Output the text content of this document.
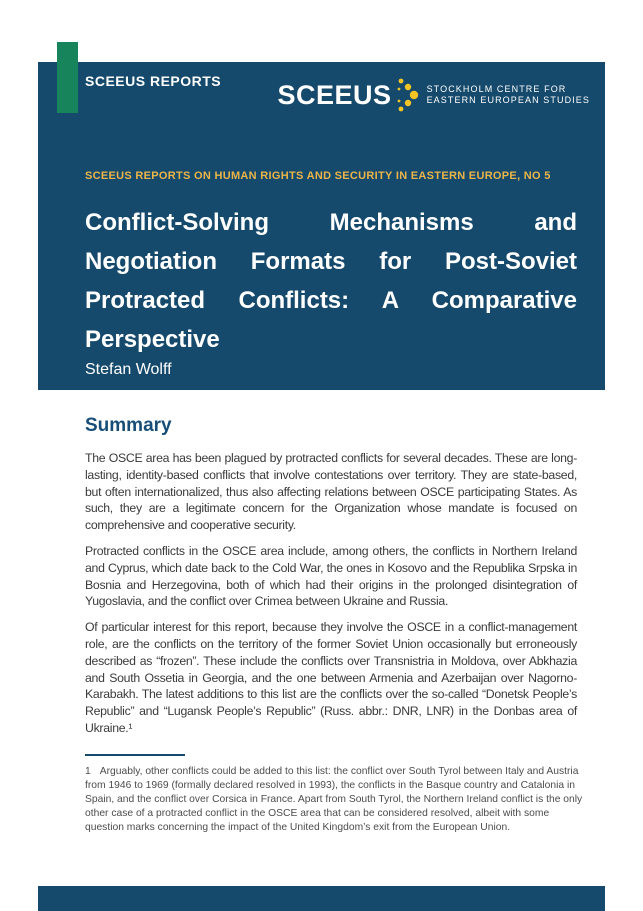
SCEEUS REPORTS SCEEUS	STOCKHOLM CENTRE FOR
EASTERN EUROPEAN STUDIES
SCEEUS REPORTS ON HUMAN RIGHTS AND SECURITY IN EASTERN EUROPE, NO 5
Conflict-Solving Mechanisms and
Negotiation Formats for Post-Soviet
Protracted Conflicts: A Comparative
Perspective
Stefan Wolff
Summary

The OSCE area has been plagued by protracted conflicts for several decades. These are long-lasting, identity-based conflicts that involve contestations over territory. They are state-based, but often internationalized, thus also affecting relations between OSCE participating States. As such, they are a legitimate concern for the Organization whose mandate is focused on comprehensive and cooperative security.

Protracted conflicts in the OSCE area include, among others, the conflicts in Northern Ireland and Cyprus, which date back to the Cold War, the ones in Kosovo and the Republika Srpska in Bosnia and Herzegovina, both of which had their origins in the prolonged disintegration of Yugoslavia, and the conflict over Crimea between Ukraine and Russia.

Of particular interest for this report, because they involve the OSCE in a conflict-management role, are the conflicts on the territory of the former Soviet Union occasionally but erroneously described as “frozen”. These include the conflicts over Transnistria in Moldova, over Abkhazia and South Ossetia in Georgia, and the one between Armenia and Azerbaijan over Nagorno-Karabakh. The latest additions to this list are the conflicts over the so-called “Donetsk People’s Republic” and “Lugansk People’s Republic” (Russ. abbr.: DNR, LNR) in the Donbas area of Ukraine.¹

1 Arguably, other conflicts could be added to this list: the conflict over South Tyrol between Italy and Austria from 1946 to 1969 (formally declared resolved in 1993), the conflicts in the Basque country and Catalonia in Spain, and the conflict over Corsica in France. Apart from South Tyrol, the Northern Ireland conflict is the only other case of a protracted conflict in the OSCE area that can be considered resolved, albeit with some question marks concerning the impact of the United Kingdom’s exit from the European Union.
